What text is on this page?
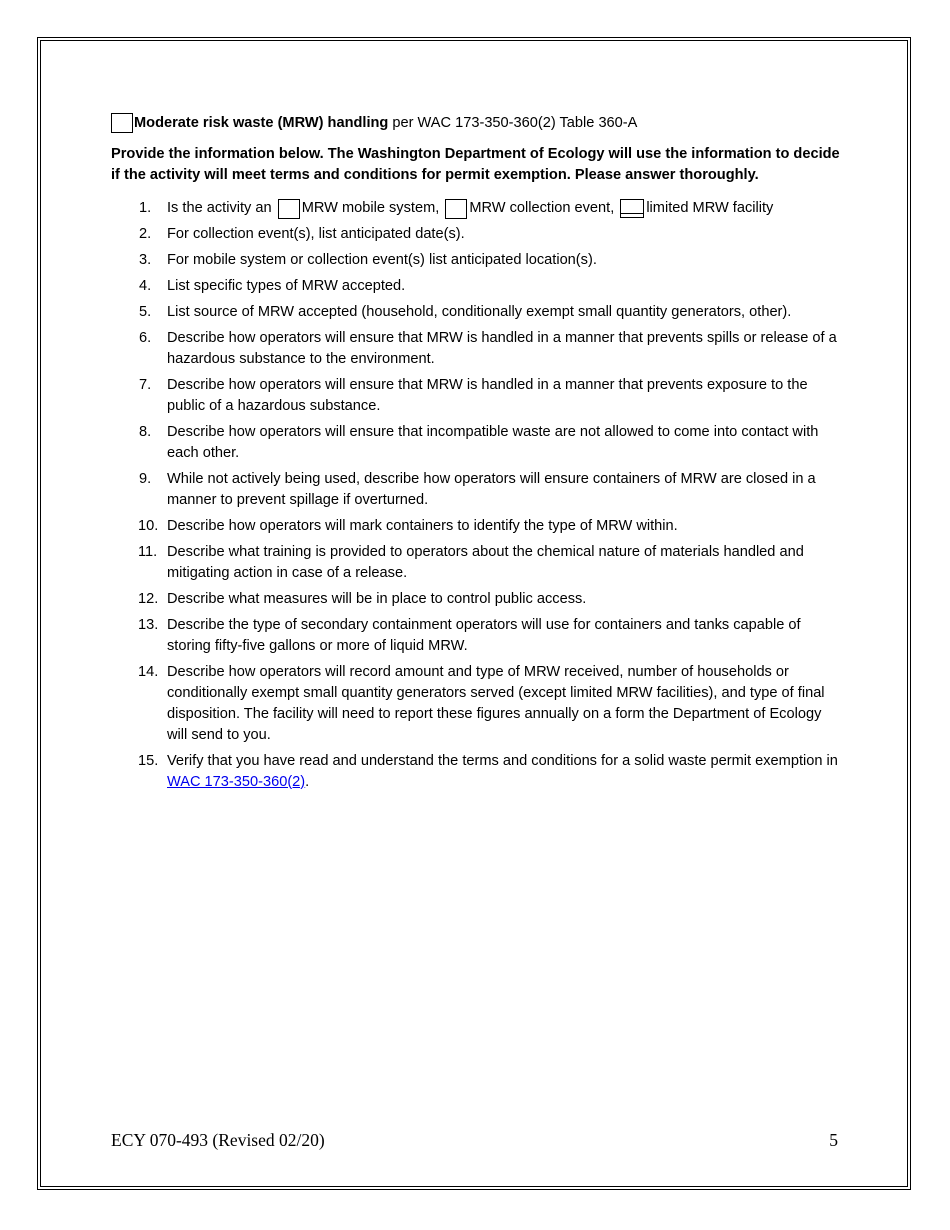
Moderate risk waste (MRW) handling per WAC 173-350-360(2) Table 360-A
Provide the information below. The Washington Department of Ecology will use the information to decide if the activity will meet terms and conditions for permit exemption. Please answer thoroughly.
1.	Is the activity an MRW mobile system, MRW collection event, limited MRW facility
2.	For collection event(s), list anticipated date(s).
3.	For mobile system or collection event(s) list anticipated location(s).
4.	List specific types of MRW accepted.
5.	List source of MRW accepted (household, conditionally exempt small quantity generators, other).
6.	Describe how operators will ensure that MRW is handled in a manner that prevents spills or release of a hazardous substance to the environment.
7.	Describe how operators will ensure that MRW is handled in a manner that prevents exposure to the public of a hazardous substance.
8.	Describe how operators will ensure that incompatible waste are not allowed to come into contact with each other.
9.	While not actively being used, describe how operators will ensure containers of MRW are closed in a manner to prevent spillage if overturned.
10. Describe how operators will mark containers to identify the type of MRW within.
11. Describe what training is provided to operators about the chemical nature of materials handled and mitigating action in case of a release.
12. Describe what measures will be in place to control public access.
13. Describe the type of secondary containment operators will use for containers and tanks capable of storing fifty-five gallons or more of liquid MRW.
14. Describe how operators will record amount and type of MRW received, number of households or conditionally exempt small quantity generators served (except limited MRW facilities), and type of final disposition. The facility will need to report these figures annually on a form the Department of Ecology will send to you.
15. Verify that you have read and understand the terms and conditions for a solid waste permit exemption in WAC 173-350-360(2).
ECY 070-493 (Revised 02/20)	5
